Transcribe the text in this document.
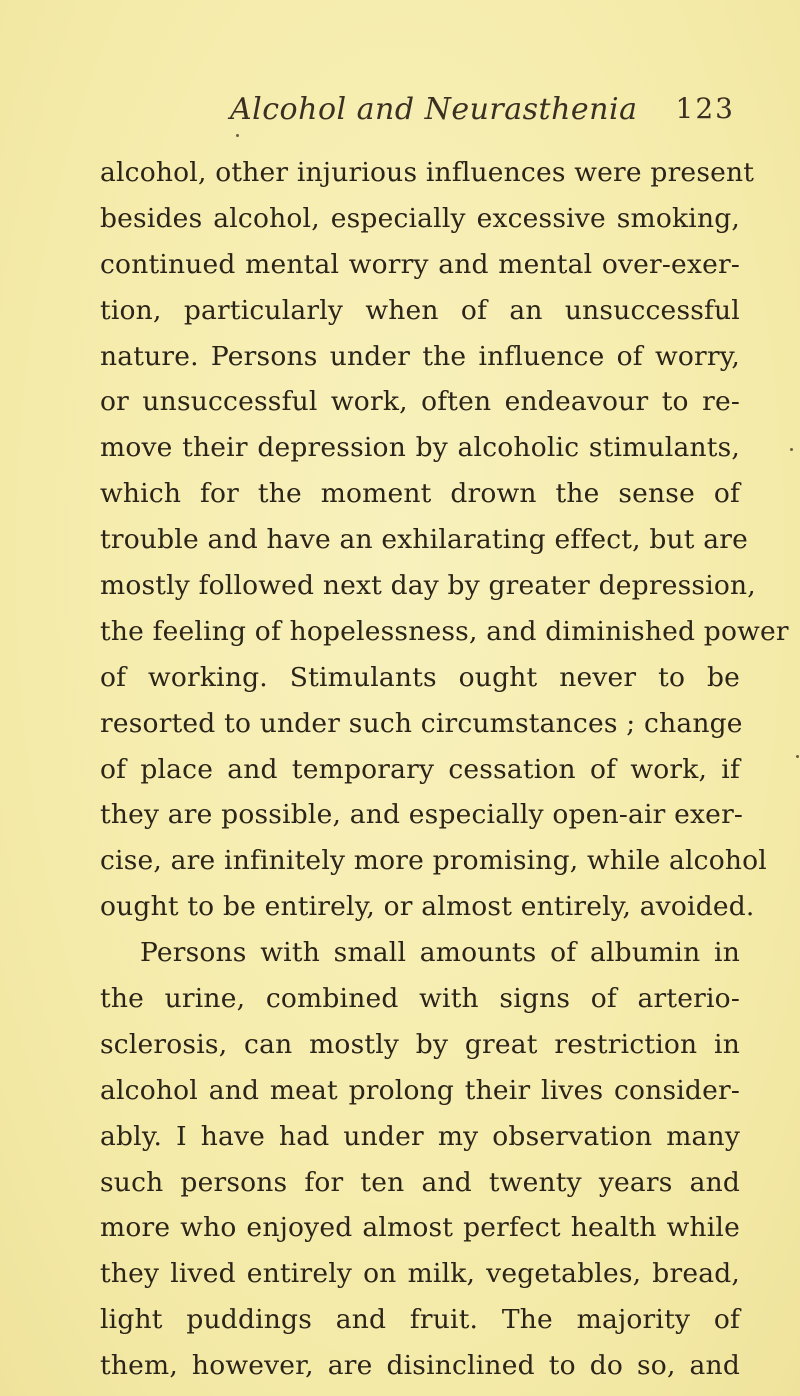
Alcohol and Neurasthenia 123
alcohol, other injurious influences were present
besides alcohol, especially excessive smoking,
continued mental worry and mental over-exer-
tion, particularly when of an unsuccessful
nature. Persons under the influence of worry,
or unsuccessful work, often endeavour to re-
move their depression by alcoholic stimulants,
which for the moment drown the sense of
trouble and have an exhilarating effect, but are
mostly followed next day by greater depression,
the feeling of hopelessness, and diminished power
of working. Stimulants ought never to be
resorted to under such circumstances ; change
of place and temporary cessation of work, if
they are possible, and especially open-air exer-
cise, are infinitely more promising, while alcohol
ought to be entirely, or almost entirely, avoided.
Persons with small amounts of albumin in
the urine, combined with signs of arterio-
sclerosis, can mostly by great restriction in
alcohol and meat prolong their lives consider-
ably. I have had under my observation many
such persons for ten and twenty years and
more who enjoyed almost perfect health while
they lived entirely on milk, vegetables, bread,
light puddings and fruit. The majority of
them, however, are disinclined to do so, and
